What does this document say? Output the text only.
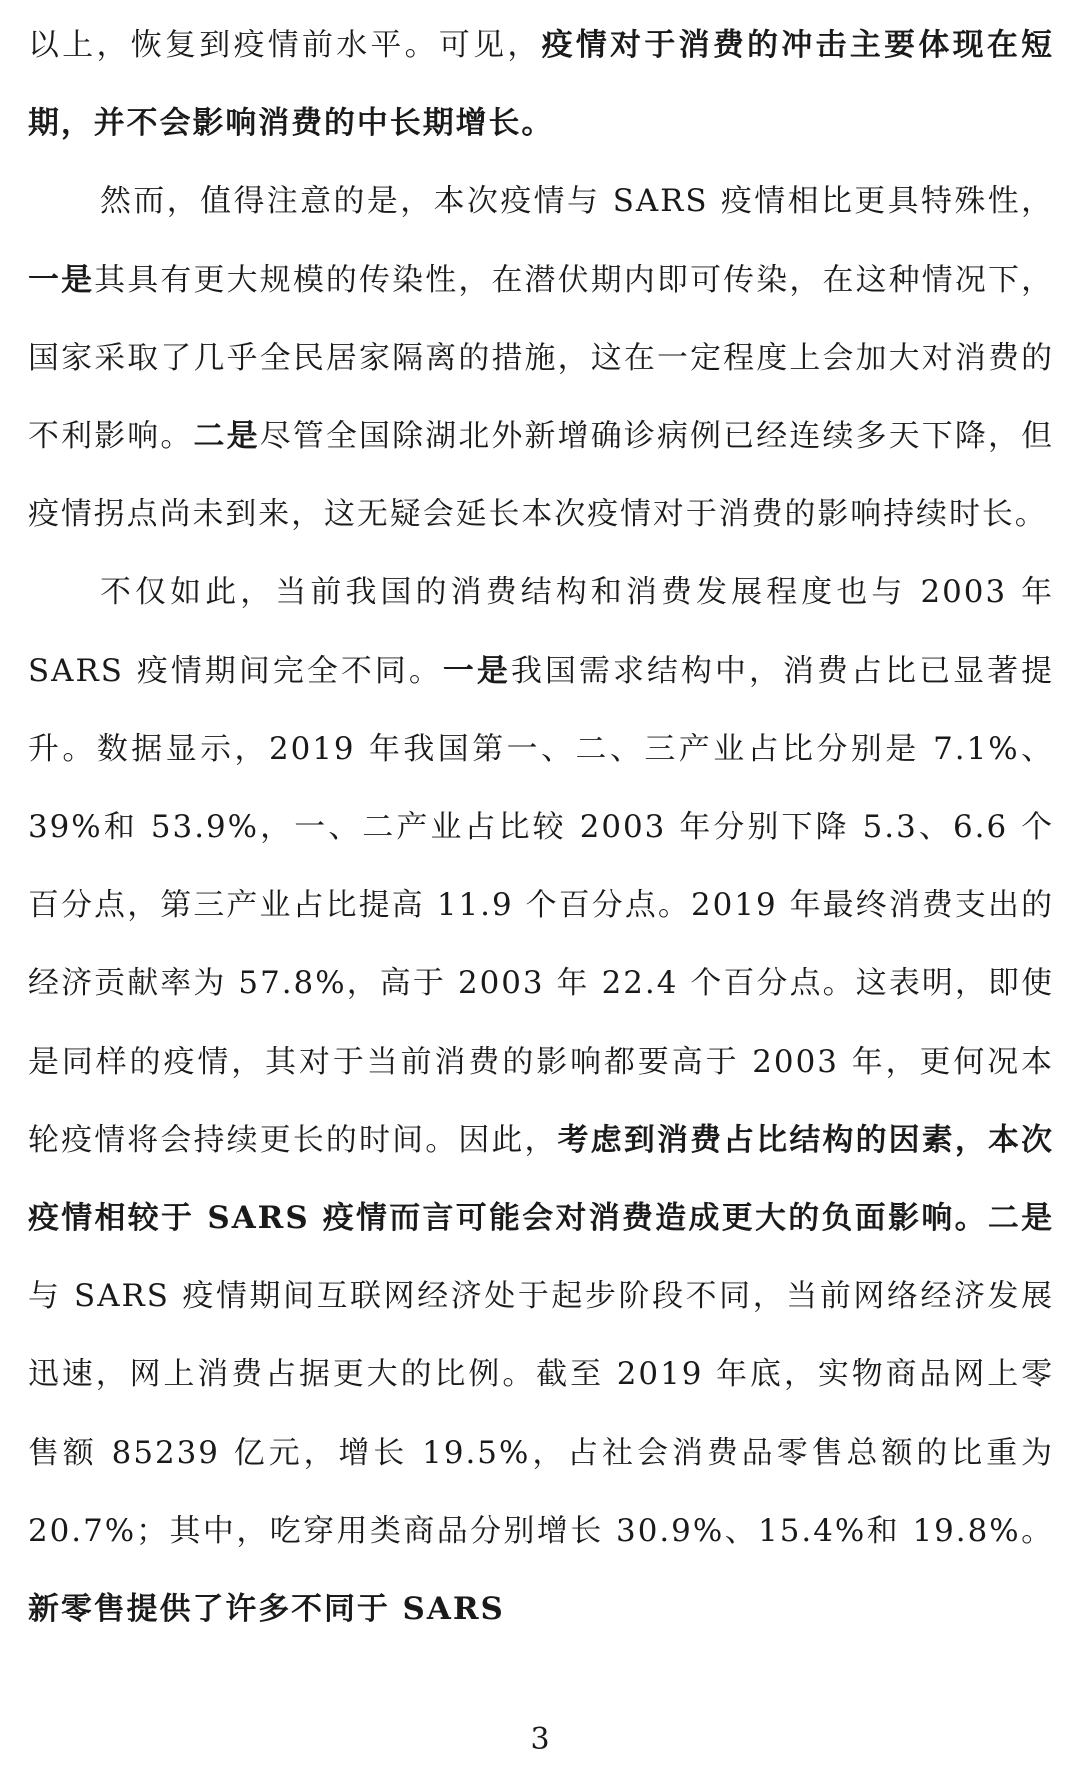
以上，恢复到疫情前水平。可见，疫情对于消费的冲击主要体现在短期，并不会影响消费的中长期增长。

然而，值得注意的是，本次疫情与 SARS 疫情相比更具特殊性，一是其具有更大规模的传染性，在潜伏期内即可传染，在这种情况下，国家采取了几乎全民居家隔离的措施，这在一定程度上会加大对消费的不利影响。二是尽管全国除湖北外新增确诊病例已经连续多天下降，但疫情拐点尚未到来，这无疑会延长本次疫情对于消费的影响持续时长。

不仅如此，当前我国的消费结构和消费发展程度也与 2003 年 SARS 疫情期间完全不同。一是我国需求结构中，消费占比已显著提升。数据显示，2019 年我国第一、二、三产业占比分别是 7.1%、39%和 53.9%，一、二产业占比较 2003 年分别下降 5.3、6.6 个百分点，第三产业占比提高 11.9 个百分点。2019 年最终消费支出的经济贡献率为 57.8%，高于 2003 年 22.4 个百分点。这表明，即使是同样的疫情，其对于当前消费的影响都要高于 2003 年，更何况本轮疫情将会持续更长的时间。因此，考虑到消费占比结构的因素，本次疫情相较于 SARS 疫情而言可能会对消费造成更大的负面影响。二是与 SARS 疫情期间互联网经济处于起步阶段不同，当前网络经济发展迅速，网上消费占据更大的比例。截至 2019 年底，实物商品网上零售额 85239 亿元，增长 19.5%，占社会消费品零售总额的比重为 20.7%；其中，吃穿用类商品分别增长 30.9%、15.4%和 19.8%。新零售提供了许多不同于 SARS

3
